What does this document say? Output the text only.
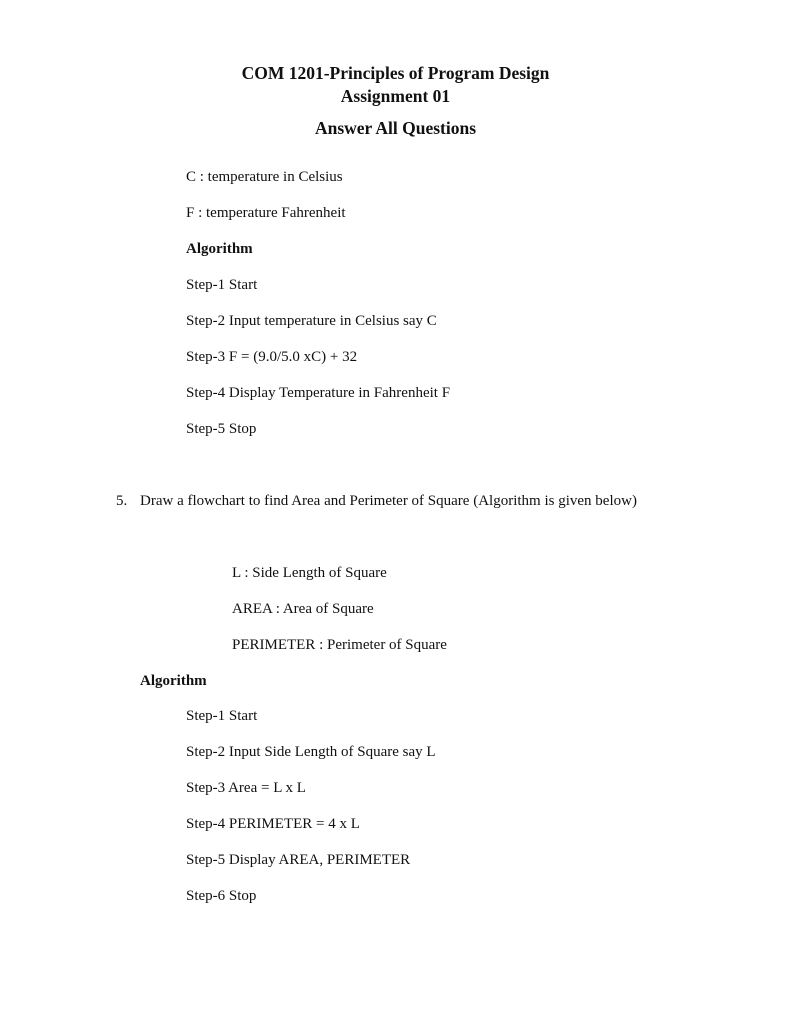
COM 1201-Principles of Program Design
Assignment 01
Answer All Questions
C : temperature in Celsius
F : temperature Fahrenheit
Algorithm
Step-1 Start
Step-2 Input temperature in Celsius say C
Step-3 F = (9.0/5.0 xC) + 32
Step-4 Display Temperature in Fahrenheit F
Step-5 Stop
5. Draw a flowchart to find Area and Perimeter of Square (Algorithm is given below)
L : Side Length of Square
AREA : Area of Square
PERIMETER : Perimeter of Square
Algorithm
Step-1 Start
Step-2 Input Side Length of Square say L
Step-3 Area = L x L
Step-4 PERIMETER = 4 x L
Step-5 Display AREA, PERIMETER
Step-6 Stop
